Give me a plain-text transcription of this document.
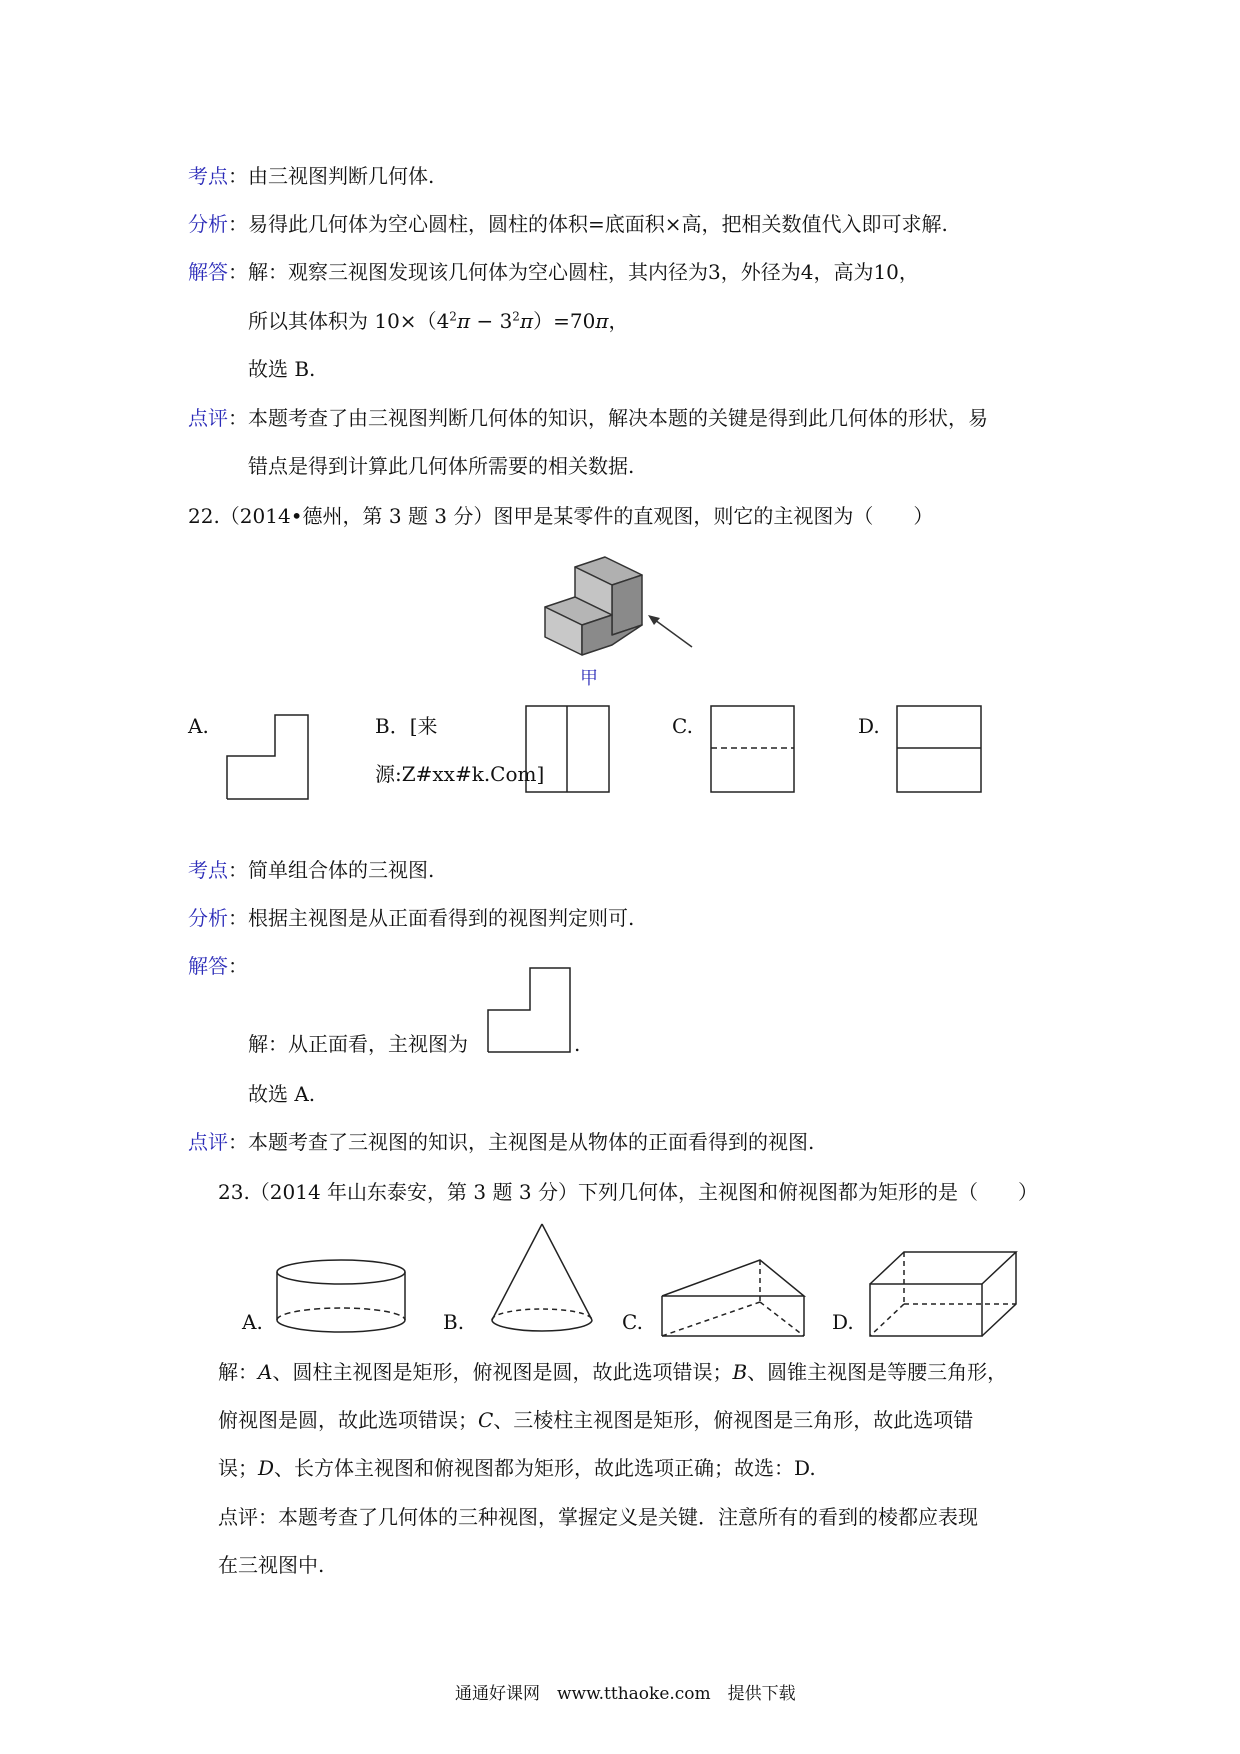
考点：由三视图判断几何体.
分析：易得此几何体为空心圆柱，圆柱的体积=底面积×高，把相关数值代入即可求解.
解答：解：观察三视图发现该几何体为空心圆柱，其内径为3，外径为4，高为10，
所以其体积为 $10\times(4^2\pi - 3^2\pi)=70\pi$，
故选 B.
点评：本题考查了由三视图判断几何体的知识，解决本题的关键是得到此几何体的形状，易
错点是得到计算此几何体所需要的相关数据.
22.（2014•德州，第 3 题 3 分）图甲是某零件的直观图，则它的主视图为（　　）
甲
A.	B．[来
源:Z#xx#k.Com]
C.	D.
考点：简单组合体的三视图.
分析：根据主视图是从正面看得到的视图判定则可.
解答：
解：从正面看，主视图为	.
故选 A.
点评：本题考查了三视图的知识，主视图是从物体的正面看得到的视图.
23.（2014 年山东泰安，第 3 题 3 分）下列几何体，主视图和俯视图都为矩形的是（　　）
A.	B.	C.	D.
解：A、圆柱主视图是矩形，俯视图是圆，故此选项错误；B、圆锥主视图是等腰三角形，
俯视图是圆，故此选项错误；C、三棱柱主视图是矩形，俯视图是三角形，故此选项错
误；D、长方体主视图和俯视图都为矩形，故此选项正确；故选：D.
点评：本题考查了几何体的三种视图，掌握定义是关键．注意所有的看到的棱都应表现
在三视图中.
通通好课网　www.tthaoke.com　提供下载
